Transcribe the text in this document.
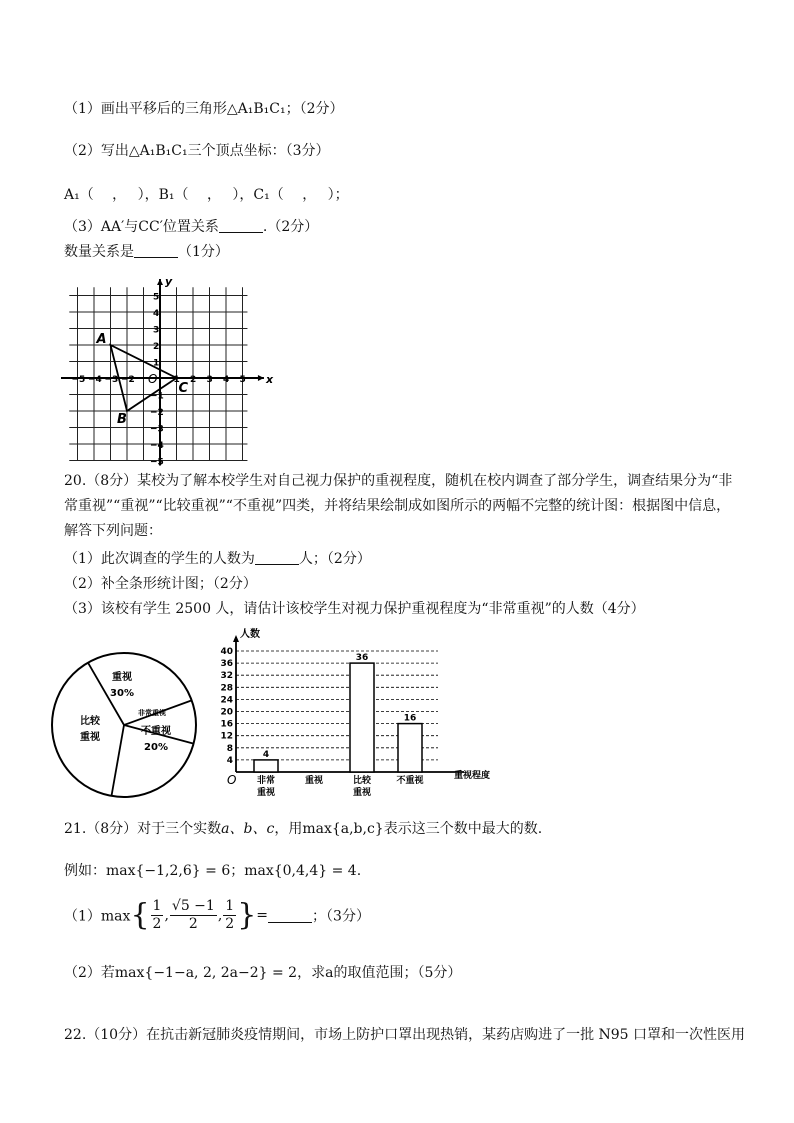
（1）画出平移后的三角形△A₁B₁C₁；（2分）
（2）写出△A₁B₁C₁三个顶点坐标：（3分）
A₁（　 ，　 ），B₁（　 ，　 ），C₁（　 ，　 ）；
（3）AA′与CC′位置关系	.（2分）
数量关系是	（1分）
x
y
O
−5 −4 −3 −2	1 2 3 4 5
5
4
3
2
1
−1
−2
−3
−4
−5
A
B
C
20.（8分）某校为了解本校学生对自己视力保护的重视程度，随机在校内调查了部分学生，调查结果分为“非常重视”“重视”“比较重视”“不重视”四类，并将结果绘制成如图所示的两幅不完整的统计图：根据图中信息，解答下列问题：
（1）此次调查的学生的人数为	人；（2分）
（2）补全条形统计图；（2分）
（3）该校有学生 2500 人，请估计该校学生对视力保护重视程度为“非常重视”的人数（4分）
重视
30%
非常重视
不重视
20%
比较
重视
4
8
12
16
20
24
28
32
36
40
人数
O	重视程度
4
非常
重视
重视
36
比较
重视
16
不重视
21.（8分）对于三个实数a、b、c，用max{a,b,c}表示这三个数中最大的数.
例如：max{−1,2,6} = 6；max{0,4,4} = 4.
$(1)\max\{ \frac{1}{2}$ , $\frac{√5 -1}{2}$ , $\frac{1}{2}$ }=	；（3分）
（2）若max{−1−a, 2, 2a−2} = 2，求a的取值范围；（5分）
22.（10分）在抗击新冠肺炎疫情期间，市场上防护口罩出现热销，某药店购进了一批 N95 口罩和一次性医用
